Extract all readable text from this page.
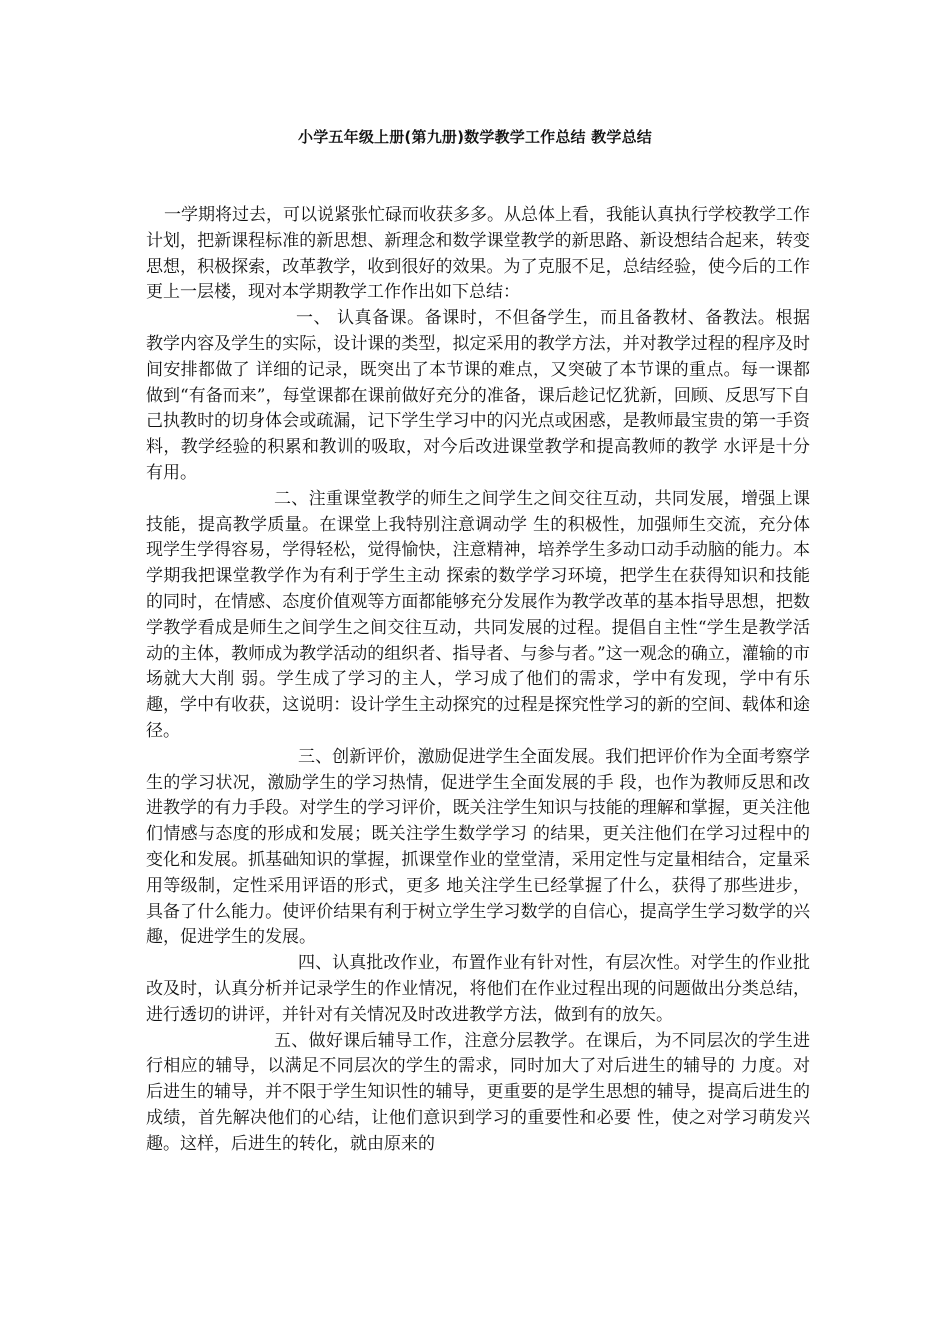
小学五年级上册(第九册)数学教学工作总结 教学总结

一学期将过去，可以说紧张忙碌而收获多多。从总体上看，我能认真执行学校教学工作计划，把新课程标准的新思想、新理念和数学课堂教学的新思路、新设想结合起来，转变思想，积极探索，改革教学，收到很好的效果。为了克服不足，总结经验，使今后的工作更上一层楼，现对本学期教学工作作出如下总结：

一、 认真备课。备课时，不但备学生，而且备教材、备教法。根据教学内容及学生的实际，设计课的类型，拟定采用的教学方法，并对教学过程的程序及时间安排都做了 详细的记录，既突出了本节课的难点，又突破了本节课的重点。每一课都做到“有备而来”，每堂课都在课前做好充分的准备，课后趁记忆犹新，回顾、反思写下自 己执教时的切身体会或疏漏，记下学生学习中的闪光点或困惑，是教师最宝贵的第一手资料，教学经验的积累和教训的吸取，对今后改进课堂教学和提高教师的教学 水评是十分有用。

二、注重课堂教学的师生之间学生之间交往互动，共同发展，增强上课技能，提高教学质量。在课堂上我特别注意调动学 生的积极性，加强师生交流，充分体现学生学得容易，学得轻松，觉得愉快，注意精神，培养学生多动口动手动脑的能力。本学期我把课堂教学作为有利于学生主动 探索的数学学习环境，把学生在获得知识和技能的同时，在情感、态度价值观等方面都能够充分发展作为教学改革的基本指导思想，把数学教学看成是师生之间学生之间交往互动，共同发展的过程。提倡自主性“学生是教学活动的主体，教师成为教学活动的组织者、指导者、与参与者。”这一观念的确立，灌输的市场就大大削 弱。学生成了学习的主人，学习成了他们的需求，学中有发现，学中有乐趣，学中有收获，这说明：设计学生主动探究的过程是探究性学习的新的空间、载体和途 径。

三、创新评价，激励促进学生全面发展。我们把评价作为全面考察学生的学习状况，激励学生的学习热情，促进学生全面发展的手 段，也作为教师反思和改进教学的有力手段。对学生的学习评价，既关注学生知识与技能的理解和掌握，更关注他们情感与态度的形成和发展；既关注学生数学学习 的结果，更关注他们在学习过程中的变化和发展。抓基础知识的掌握，抓课堂作业的堂堂清，采用定性与定量相结合，定量采用等级制，定性采用评语的形式，更多 地关注学生已经掌握了什么，获得了那些进步，具备了什么能力。使评价结果有利于树立学生学习数学的自信心，提高学生学习数学的兴趣，促进学生的发展。

四、认真批改作业，布置作业有针对性，有层次性。对学生的作业批改及时，认真分析并记录学生的作业情况，将他们在作业过程出现的问题做出分类总结，进行透切的讲评，并针对有关情况及时改进教学方法，做到有的放矢。

五、做好课后辅导工作，注意分层教学。在课后，为不同层次的学生进行相应的辅导，以满足不同层次的学生的需求，同时加大了对后进生的辅导的 力度。对后进生的辅导，并不限于学生知识性的辅导，更重要的是学生思想的辅导，提高后进生的成绩，首先解决他们的心结，让他们意识到学习的重要性和必要 性，使之对学习萌发兴趣。这样，后进生的转化，就由原来的
